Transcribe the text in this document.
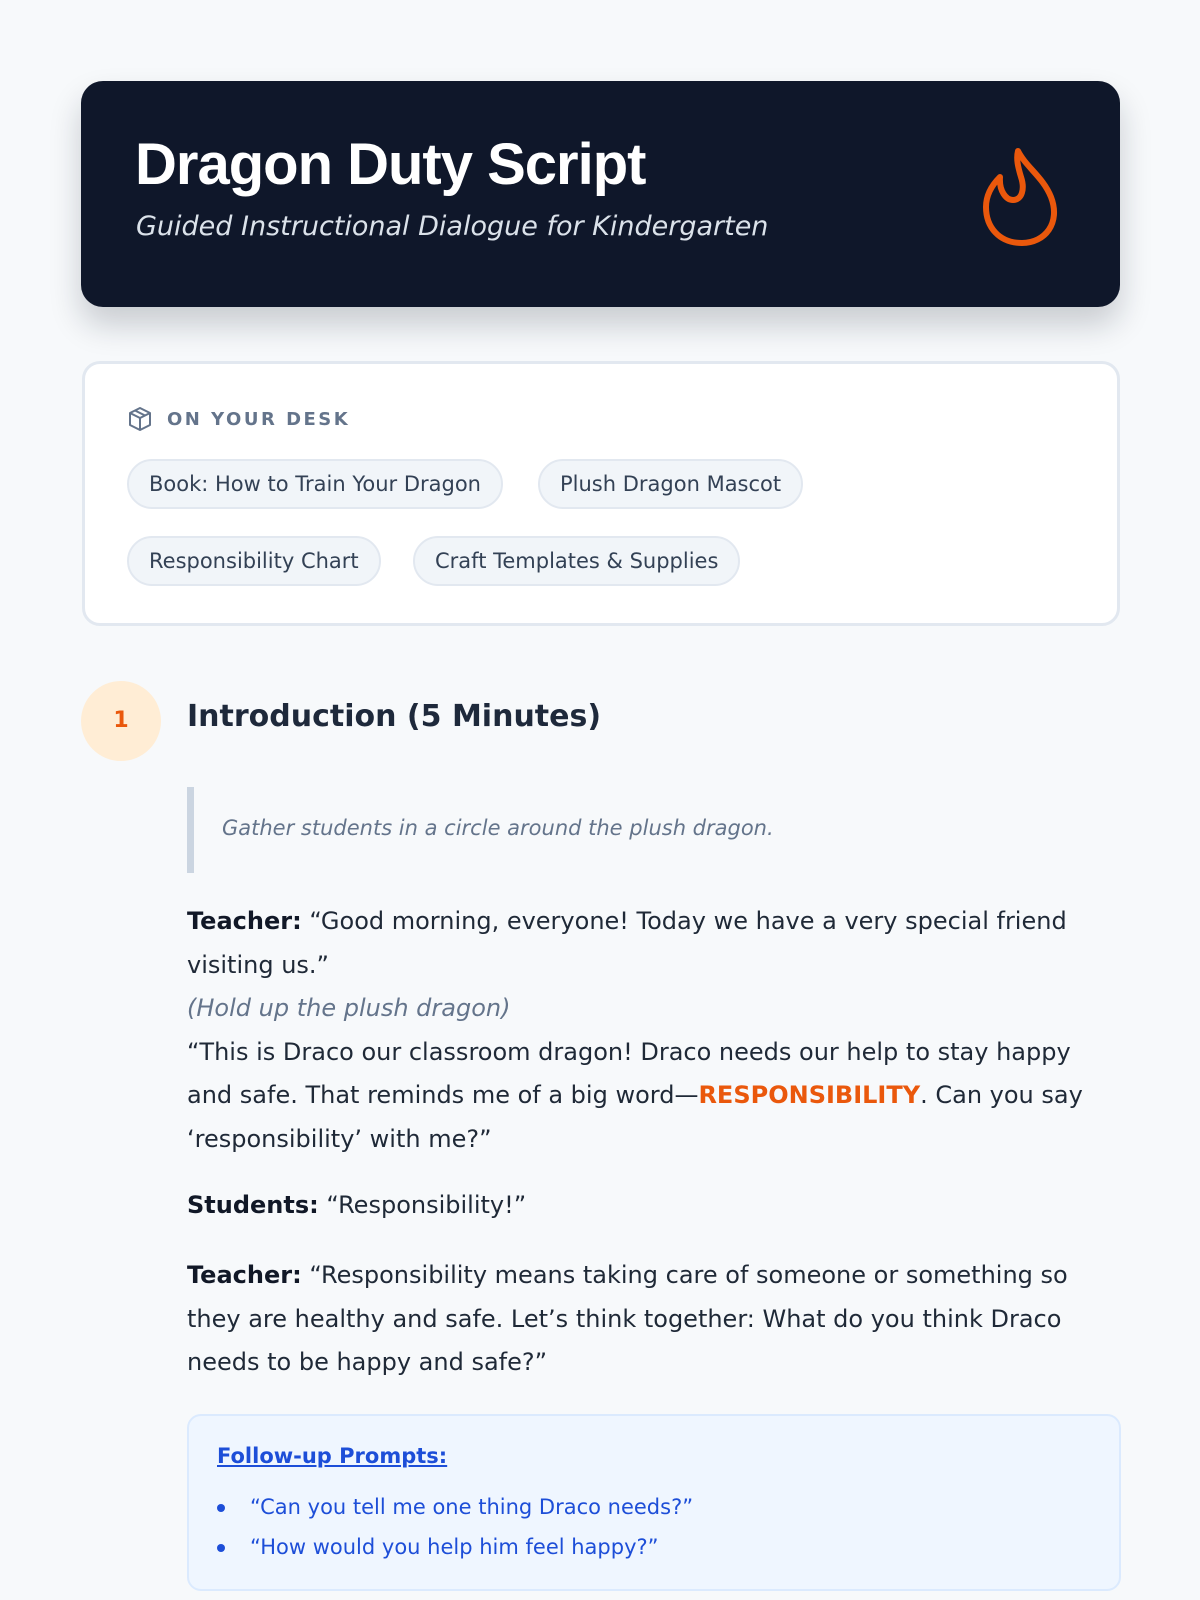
Dragon Duty Script
Guided Instructional Dialogue for Kindergarten
ON YOUR DESK
Book: How to Train Your Dragon	Plush Dragon Mascot
Responsibility Chart	Craft Templates & Supplies
1	Introduction (5 Minutes)
Gather students in a circle around the plush dragon.

Teacher: “Good morning, everyone! Today we have a very special friend visiting us.”
(Hold up the plush dragon)
“This is Draco our classroom dragon! Draco needs our help to stay happy and safe. That reminds me of a big word—RESPONSIBILITY. Can you say ‘responsibility’ with me?”

Students: “Responsibility!”

Teacher: “Responsibility means taking care of someone or something so they are healthy and safe. Let’s think together: What do you think Draco needs to be happy and safe?”

Follow-up Prompts:
“Can you tell me one thing Draco needs?”
“How would you help him feel happy?”
